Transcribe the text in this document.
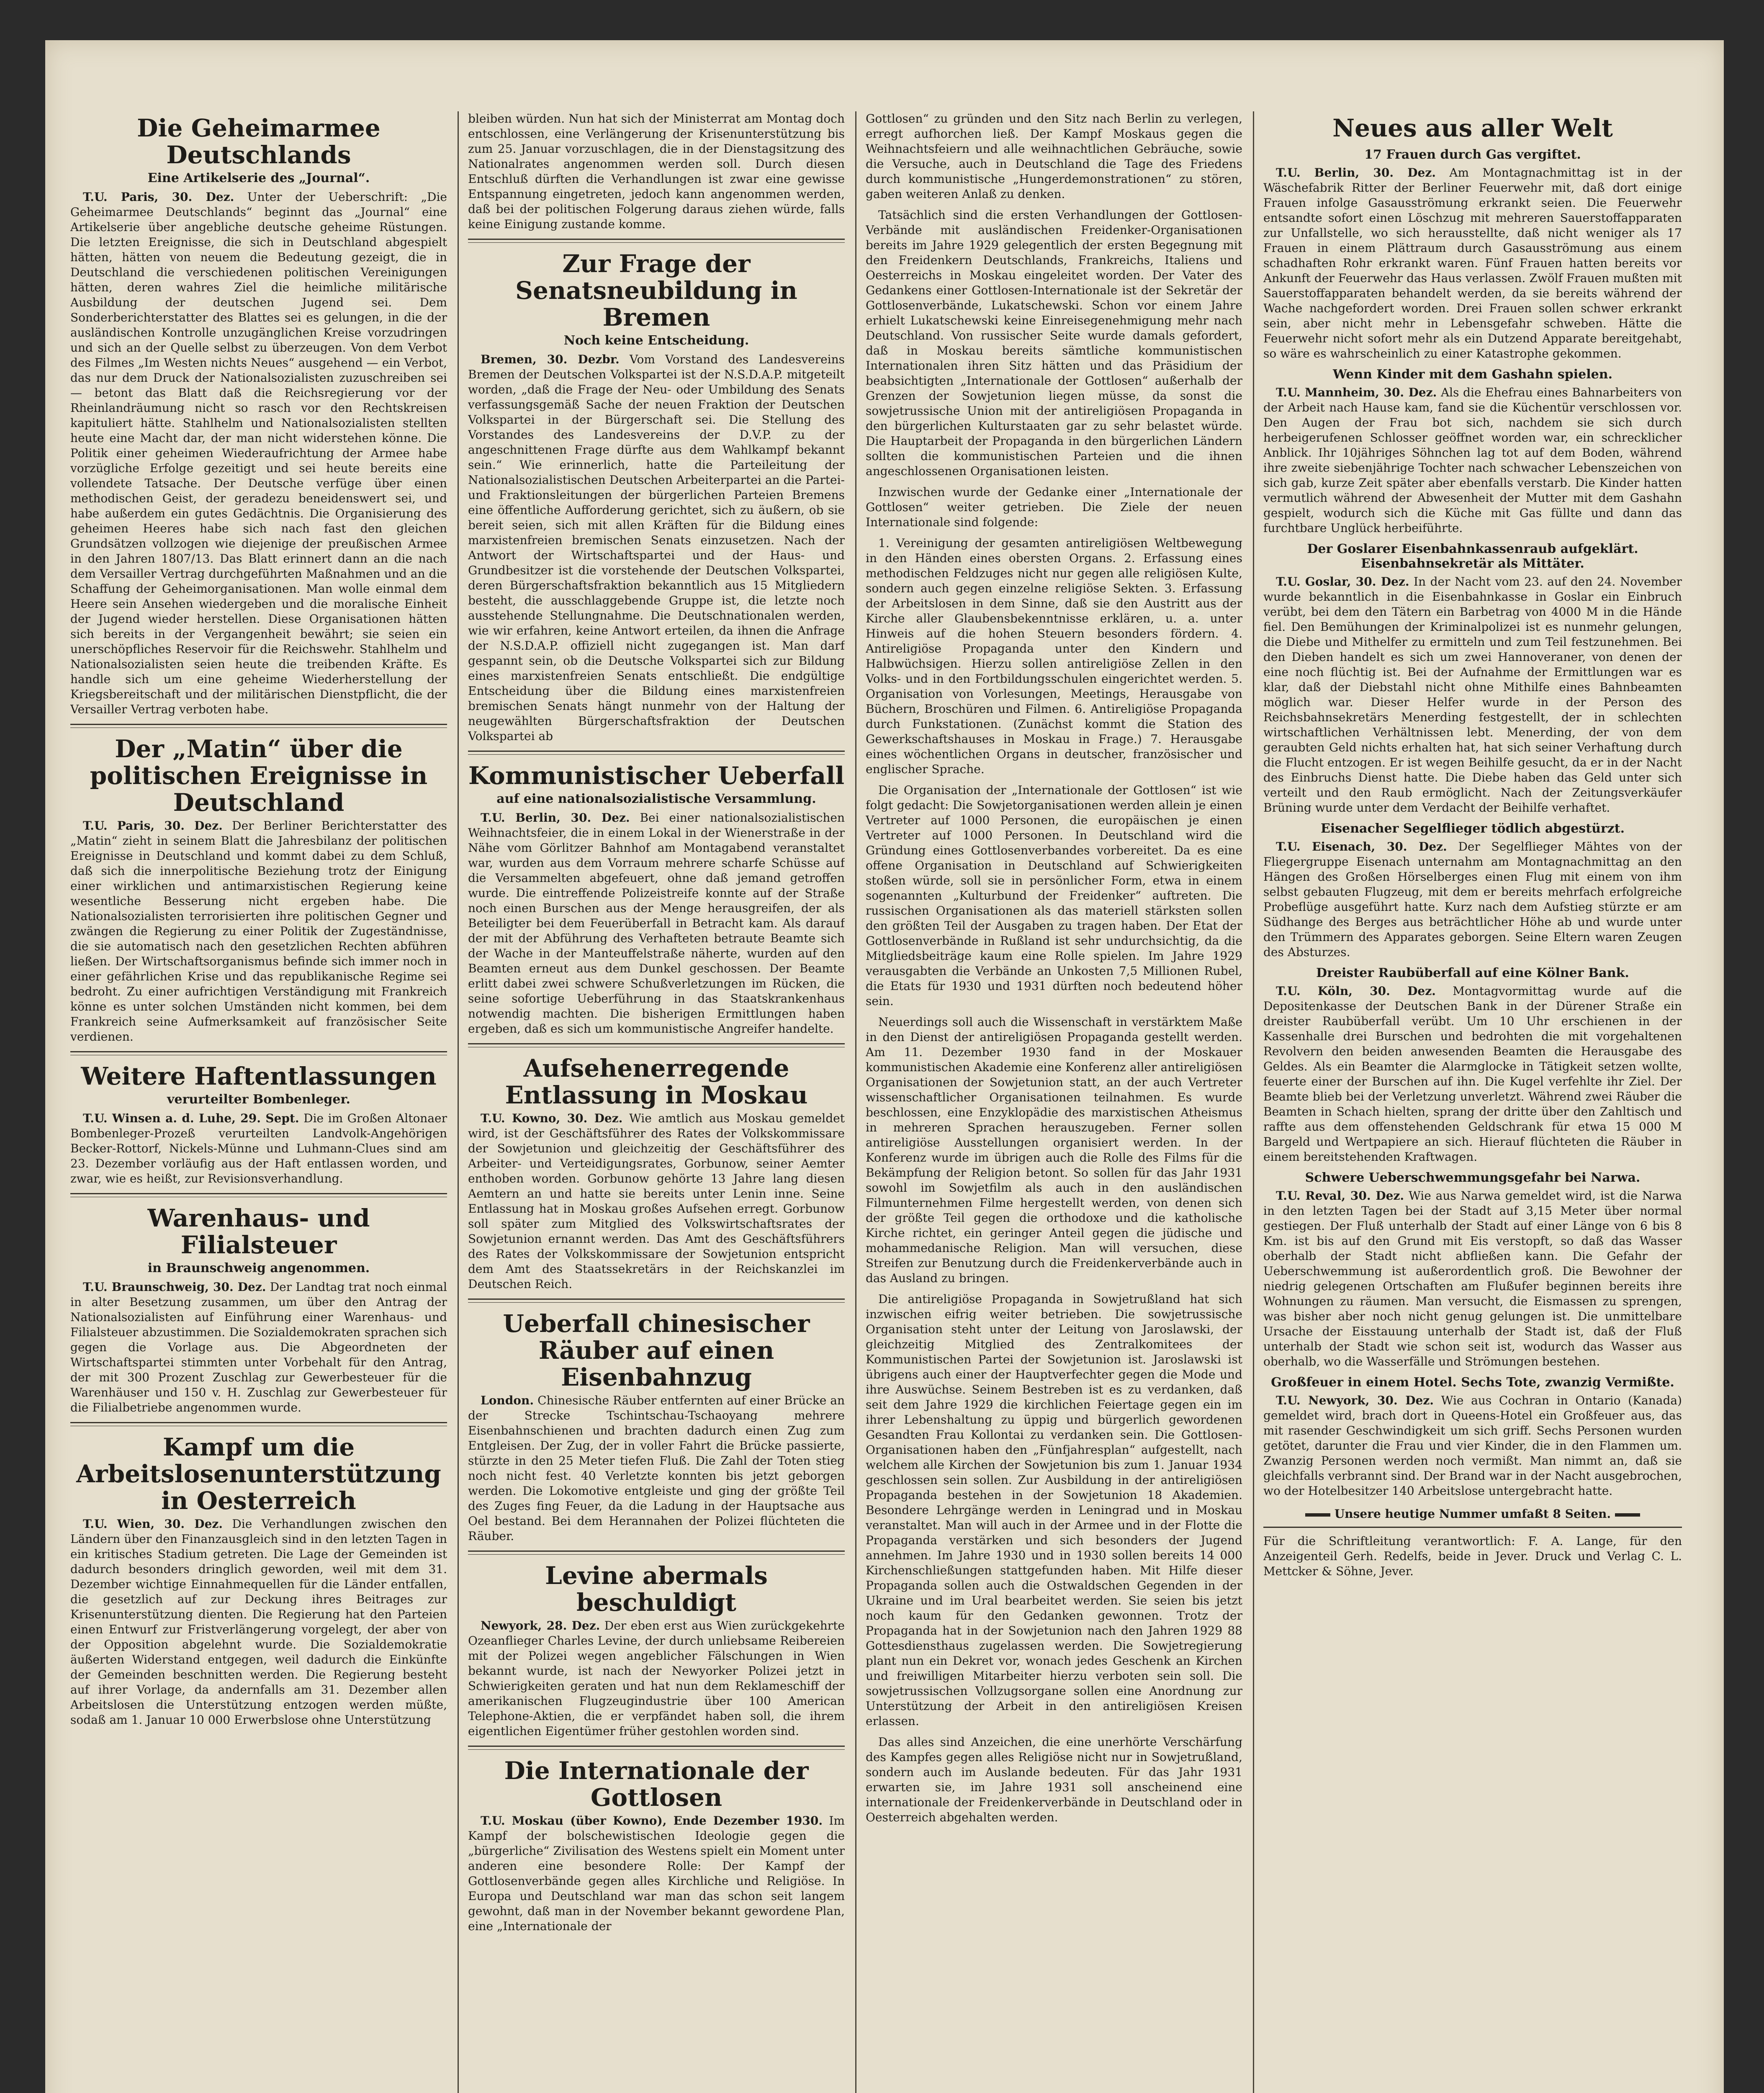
Die Geheimarmee Deutschlands
Eine Artikelserie des „Journal“.

T.U. Paris, 30. Dez. Unter der Ueberschrift: „Die Geheimarmee Deutschlands“ beginnt das „Journal“ eine Artikelserie über angebliche deutsche geheime Rüstungen. Die letzten Ereignisse, die sich in Deutschland abgespielt hätten, hätten von neuem die Bedeutung gezeigt, die in Deutschland die verschiedenen politischen Vereinigungen hätten, deren wahres Ziel die heimliche militärische Ausbildung der deutschen Jugend sei. Dem Sonderberichterstatter des Blattes sei es gelungen, in die der ausländischen Kontrolle unzugänglichen Kreise vorzudringen und sich an der Quelle selbst zu überzeugen. Von dem Verbot des Filmes „Im Westen nichts Neues“ ausgehend — ein Verbot, das nur dem Druck der Nationalsozialisten zuzuschreiben sei — betont das Blatt daß die Reichsregierung vor der Rheinlandräumung nicht so rasch vor den Rechtskreisen kapituliert hätte. Stahlhelm und Nationalsozialisten stellten heute eine Macht dar, der man nicht widerstehen könne. Die Politik einer geheimen Wiederaufrichtung der Armee habe vorzügliche Erfolge gezeitigt und sei heute bereits eine vollendete Tatsache. Der Deutsche verfüge über einen methodischen Geist, der geradezu beneidenswert sei, und habe außerdem ein gutes Gedächtnis. Die Organisierung des geheimen Heeres habe sich nach fast den gleichen Grundsätzen vollzogen wie diejenige der preußischen Armee in den Jahren 1807/13. Das Blatt erinnert dann an die nach dem Versailler Vertrag durchgeführten Maßnahmen und an die Schaffung der Geheimorganisationen. Man wolle einmal dem Heere sein Ansehen wiedergeben und die moralische Einheit der Jugend wieder herstellen. Diese Organisationen hätten sich bereits in der Vergangenheit bewährt; sie seien ein unerschöpfliches Reservoir für die Reichswehr. Stahlhelm und Nationalsozialisten seien heute die treibenden Kräfte. Es handle sich um eine geheime Wiederherstellung der Kriegsbereitschaft und der militärischen Dienstpflicht, die der Versailler Vertrag verboten habe.

Der „Matin“ über die politischen Ereignisse in Deutschland

T.U. Paris, 30. Dez. Der Berliner Berichterstatter des „Matin“ zieht in seinem Blatt die Jahresbilanz der politischen Ereignisse in Deutschland und kommt dabei zu dem Schluß, daß sich die innerpolitische Beziehung trotz der Einigung einer wirklichen und antimarxistischen Regierung keine wesentliche Besserung nicht ergeben habe. Die Nationalsozialisten terrorisierten ihre politischen Gegner und zwängen die Regierung zu einer Politik der Zugeständnisse, die sie automatisch nach den gesetzlichen Rechten abführen ließen. Der Wirtschaftsorganismus befinde sich immer noch in einer gefährlichen Krise und das republikanische Regime sei bedroht. Zu einer aufrichtigen Verständigung mit Frankreich könne es unter solchen Umständen nicht kommen, bei dem Frankreich seine Aufmerksamkeit auf französischer Seite verdienen.

Weitere Haftentlassungen
verurteilter Bombenleger.

T.U. Winsen a. d. Luhe, 29. Sept. Die im Großen Altonaer Bombenleger-Prozeß verurteilten Landvolk-Angehörigen Becker-Rottorf, Nickels-Münne und Luhmann-Clues sind am 23. Dezember vorläufig aus der Haft entlassen worden, und zwar, wie es heißt, zur Revisionsverhandlung.

Warenhaus- und Filialsteuer
in Braunschweig angenommen.

T.U. Braunschweig, 30. Dez. Der Landtag trat noch einmal in alter Besetzung zusammen, um über den Antrag der Nationalsozialisten auf Einführung einer Warenhaus- und Filialsteuer abzustimmen. Die Sozialdemokraten sprachen sich gegen die Vorlage aus. Die Abgeordneten der Wirtschaftspartei stimmten unter Vorbehalt für den Antrag, der mit 300 Prozent Zuschlag zur Gewerbesteuer für die Warenhäuser und 150 v. H. Zuschlag zur Gewerbesteuer für die Filialbetriebe angenommen wurde.

Kampf um die Arbeitslosenunterstützung in Oesterreich

T.U. Wien, 30. Dez. Die Verhandlungen zwischen den Ländern über den Finanzausgleich sind in den letzten Tagen in ein kritisches Stadium getreten. Die Lage der Gemeinden ist dadurch besonders dringlich geworden, weil mit dem 31. Dezember wichtige Einnahmequellen für die Länder entfallen, die gesetzlich auf zur Deckung ihres Beitrages zur Krisenunterstützung dienten. Die Regierung hat den Parteien einen Entwurf zur Fristverlängerung vorgelegt, der aber von der Opposition abgelehnt wurde. Die Sozialdemokratie äußerten Widerstand entgegen, weil dadurch die Einkünfte der Gemeinden beschnitten werden. Die Regierung besteht auf ihrer Vorlage, da andernfalls am 31. Dezember allen Arbeitslosen die Unterstützung entzogen werden müßte, sodaß am 1. Januar 10 000 Erwerbslose ohne Unterstützung

bleiben würden. Nun hat sich der Ministerrat am Montag doch entschlossen, eine Verlängerung der Krisenunterstützung bis zum 25. Januar vorzuschlagen, die in der Dienstagsitzung des Nationalrates angenommen werden soll. Durch diesen Entschluß dürften die Verhandlungen ist zwar eine gewisse Entspannung eingetreten, jedoch kann angenommen werden, daß bei der politischen Folgerung daraus ziehen würde, falls keine Einigung zustande komme.

Zur Frage der Senatsneubildung in Bremen
Noch keine Entscheidung.

Bremen, 30. Dezbr. Vom Vorstand des Landesvereins Bremen der Deutschen Volkspartei ist der N.S.D.A.P. mitgeteilt worden, „daß die Frage der Neu- oder Umbildung des Senats verfassungsgemäß Sache der neuen Fraktion der Deutschen Volkspartei in der Bürgerschaft sei. Die Stellung des Vorstandes des Landesvereins der D.V.P. zu der angeschnittenen Frage dürfte aus dem Wahlkampf bekannt sein.“ Wie erinnerlich, hatte die Parteileitung der Nationalsozialistischen Deutschen Arbeiterpartei an die Partei- und Fraktionsleitungen der bürgerlichen Parteien Bremens eine öffentliche Aufforderung gerichtet, sich zu äußern, ob sie bereit seien, sich mit allen Kräften für die Bildung eines marxistenfreien bremischen Senats einzusetzen. Nach der Antwort der Wirtschaftspartei und der Haus- und Grundbesitzer ist die vorstehende der Deutschen Volkspartei, deren Bürgerschaftsfraktion bekanntlich aus 15 Mitgliedern besteht, die ausschlaggebende Gruppe ist, die letzte noch ausstehende Stellungnahme. Die Deutschnationalen werden, wie wir erfahren, keine Antwort erteilen, da ihnen die Anfrage der N.S.D.A.P. offiziell nicht zugegangen ist. Man darf gespannt sein, ob die Deutsche Volkspartei sich zur Bildung eines marxistenfreien Senats entschließt. Die endgültige Entscheidung über die Bildung eines marxistenfreien bremischen Senats hängt nunmehr von der Haltung der neugewählten Bürgerschaftsfraktion der Deutschen Volkspartei ab

Kommunistischer Ueberfall
auf eine nationalsozialistische Versammlung.

T.U. Berlin, 30. Dez. Bei einer nationalsozialistischen Weihnachtsfeier, die in einem Lokal in der Wienerstraße in der Nähe vom Görlitzer Bahnhof am Montagabend veranstaltet war, wurden aus dem Vorraum mehrere scharfe Schüsse auf die Versammelten abgefeuert, ohne daß jemand getroffen wurde. Die eintreffende Polizeistreife konnte auf der Straße noch einen Burschen aus der Menge herausgreifen, der als Beteiligter bei dem Feuerüberfall in Betracht kam. Als darauf der mit der Abführung des Verhafteten betraute Beamte sich der Wache in der Manteuffelstraße näherte, wurden auf den Beamten erneut aus dem Dunkel geschossen. Der Beamte erlitt dabei zwei schwere Schußverletzungen im Rücken, die seine sofortige Ueberführung in das Staatskrankenhaus notwendig machten. Die bisherigen Ermittlungen haben ergeben, daß es sich um kommunistische Angreifer handelte.

Aufsehenerregende Entlassung in Moskau

T.U. Kowno, 30. Dez. Wie amtlich aus Moskau gemeldet wird, ist der Geschäftsführer des Rates der Volkskommissare der Sowjetunion und gleichzeitig der Geschäftsführer des Arbeiter- und Verteidigungsrates, Gorbunow, seiner Aemter enthoben worden. Gorbunow gehörte 13 Jahre lang diesen Aemtern an und hatte sie bereits unter Lenin inne. Seine Entlassung hat in Moskau großes Aufsehen erregt. Gorbunow soll später zum Mitglied des Volkswirtschaftsrates der Sowjetunion ernannt werden. Das Amt des Geschäftsführers des Rates der Volkskommissare der Sowjetunion entspricht dem Amt des Staatssekretärs in der Reichskanzlei im Deutschen Reich.

Ueberfall chinesischer Räuber auf einen Eisenbahnzug

London. Chinesische Räuber entfernten auf einer Brücke an der Strecke Tschintschau-Tschaoyang mehrere Eisenbahnschienen und brachten dadurch einen Zug zum Entgleisen. Der Zug, der in voller Fahrt die Brücke passierte, stürzte in den 25 Meter tiefen Fluß. Die Zahl der Toten stieg noch nicht fest. 40 Verletzte konnten bis jetzt geborgen werden. Die Lokomotive entgleiste und ging der größte Teil des Zuges fing Feuer, da die Ladung in der Hauptsache aus Oel bestand. Bei dem Herannahen der Polizei flüchteten die Räuber.

Levine abermals beschuldigt

Newyork, 28. Dez. Der eben erst aus Wien zurückgekehrte Ozeanflieger Charles Levine, der durch unliebsame Reibereien mit der Polizei wegen angeblicher Fälschungen in Wien bekannt wurde, ist nach der Newyorker Polizei jetzt in Schwierigkeiten geraten und hat nun dem Reklameschiff der amerikanischen Flugzeugindustrie über 100 American Telephone-Aktien, die er verpfändet haben soll, die ihrem eigentlichen Eigentümer früher gestohlen worden sind.

Die Internationale der Gottlosen

T.U. Moskau (über Kowno), Ende Dezember 1930. Im Kampf der bolschewistischen Ideologie gegen die „bürgerliche“ Zivilisation des Westens spielt ein Moment unter anderen eine besondere Rolle: Der Kampf der Gottlosenverbände gegen alles Kirchliche und Religiöse. In Europa und Deutschland war man das schon seit langem gewohnt, daß man in der November bekannt gewordene Plan, eine „Internationale der

Gottlosen“ zu gründen und den Sitz nach Berlin zu verlegen, erregt aufhorchen ließ. Der Kampf Moskaus gegen die Weihnachtsfeiern und alle weihnachtlichen Gebräuche, sowie die Versuche, auch in Deutschland die Tage des Friedens durch kommunistische „Hungerdemonstrationen“ zu stören, gaben weiteren Anlaß zu denken.

Tatsächlich sind die ersten Verhandlungen der Gottlosen-Verbände mit ausländischen Freidenker-Organisationen bereits im Jahre 1929 gelegentlich der ersten Begegnung mit den Freidenkern Deutschlands, Frankreichs, Italiens und Oesterreichs in Moskau eingeleitet worden. Der Vater des Gedankens einer Gottlosen-Internationale ist der Sekretär der Gottlosenverbände, Lukatschewski. Schon vor einem Jahre erhielt Lukatschewski keine Einreisegenehmigung mehr nach Deutschland. Von russischer Seite wurde damals gefordert, daß in Moskau bereits sämtliche kommunistischen Internationalen ihren Sitz hätten und das Präsidium der beabsichtigten „Internationale der Gottlosen“ außerhalb der Grenzen der Sowjetunion liegen müsse, da sonst die sowjetrussische Union mit der antireligiösen Propaganda in den bürgerlichen Kulturstaaten gar zu sehr belastet würde. Die Hauptarbeit der Propaganda in den bürgerlichen Ländern sollten die kommunistischen Parteien und die ihnen angeschlossenen Organisationen leisten.

Inzwischen wurde der Gedanke einer „Internationale der Gottlosen“ weiter getrieben. Die Ziele der neuen Internationale sind folgende:

1. Vereinigung der gesamten antireligiösen Weltbewegung in den Händen eines obersten Organs. 2. Erfassung eines methodischen Feldzuges nicht nur gegen alle religiösen Kulte, sondern auch gegen einzelne religiöse Sekten. 3. Erfassung der Arbeitslosen in dem Sinne, daß sie den Austritt aus der Kirche aller Glaubensbekenntnisse erklären, u. a. unter Hinweis auf die hohen Steuern besonders fördern. 4. Antireligiöse Propaganda unter den Kindern und Halbwüchsigen. Hierzu sollen antireligiöse Zellen in den Volks- und in den Fortbildungsschulen eingerichtet werden. 5. Organisation von Vorlesungen, Meetings, Herausgabe von Büchern, Broschüren und Filmen. 6. Antireligiöse Propaganda durch Funkstationen. (Zunächst kommt die Station des Gewerkschaftshauses in Moskau in Frage.) 7. Herausgabe eines wöchentlichen Organs in deutscher, französischer und englischer Sprache.

Die Organisation der „Internationale der Gottlosen“ ist wie folgt gedacht: Die Sowjetorganisationen werden allein je einen Vertreter auf 1000 Personen, die europäischen je einen Vertreter auf 1000 Personen. In Deutschland wird die Gründung eines Gottlosenverbandes vorbereitet. Da es eine offene Organisation in Deutschland auf Schwierigkeiten stoßen würde, soll sie in persönlicher Form, etwa in einem sogenannten „Kulturbund der Freidenker“ auftreten. Die russischen Organisationen als das materiell stärksten sollen den größten Teil der Ausgaben zu tragen haben. Der Etat der Gottlosenverbände in Rußland ist sehr undurchsichtig, da die Mitgliedsbeiträge kaum eine Rolle spielen. Im Jahre 1929 verausgabten die Verbände an Unkosten 7,5 Millionen Rubel, die Etats für 1930 und 1931 dürften noch bedeutend höher sein.

Neuerdings soll auch die Wissenschaft in verstärktem Maße in den Dienst der antireligiösen Propaganda gestellt werden. Am 11. Dezember 1930 fand in der Moskauer kommunistischen Akademie eine Konferenz aller antireligiösen Organisationen der Sowjetunion statt, an der auch Vertreter wissenschaftlicher Organisationen teilnahmen. Es wurde beschlossen, eine Enzyklopädie des marxistischen Atheismus in mehreren Sprachen herauszugeben. Ferner sollen antireligiöse Ausstellungen organisiert werden. In der Konferenz wurde im übrigen auch die Rolle des Films für die Bekämpfung der Religion betont. So sollen für das Jahr 1931 sowohl im Sowjetfilm als auch in den ausländischen Filmunternehmen Filme hergestellt werden, von denen sich der größte Teil gegen die orthodoxe und die katholische Kirche richtet, ein geringer Anteil gegen die jüdische und mohammedanische Religion. Man will versuchen, diese Streifen zur Benutzung durch die Freidenkerverbände auch in das Ausland zu bringen.

Die antireligiöse Propaganda in Sowjetrußland hat sich inzwischen eifrig weiter betrieben. Die sowjetrussische Organisation steht unter der Leitung von Jaroslawski, der gleichzeitig Mitglied des Zentralkomitees der Kommunistischen Partei der Sowjetunion ist. Jaroslawski ist übrigens auch einer der Hauptverfechter gegen die Mode und ihre Auswüchse. Seinem Bestreben ist es zu verdanken, daß seit dem Jahre 1929 die kirchlichen Feiertage gegen ein im ihrer Lebenshaltung zu üppig und bürgerlich gewordenen Gesandten Frau Kollontai zu verdanken sein. Die Gottlosen-Organisationen haben den „Fünfjahresplan“ aufgestellt, nach welchem alle Kirchen der Sowjetunion bis zum 1. Januar 1934 geschlossen sein sollen. Zur Ausbildung in der antireligiösen Propaganda bestehen in der Sowjetunion 18 Akademien. Besondere Lehrgänge werden in Leningrad und in Moskau veranstaltet. Man will auch in der Armee und in der Flotte die Propaganda verstärken und sich besonders der Jugend annehmen. Im Jahre 1930 und in 1930 sollen bereits 14 000 Kirchenschließungen stattgefunden haben. Mit Hilfe dieser Propaganda sollen auch die Ostwaldschen Gegenden in der Ukraine und im Ural bearbeitet werden. Sie seien bis jetzt noch kaum für den Gedanken gewonnen. Trotz der Propaganda hat in der Sowjetunion nach den Jahren 1929 88 Gottesdiensthaus zugelassen werden. Die Sowjetregierung plant nun ein Dekret vor, wonach jedes Geschenk an Kirchen und freiwilligen Mitarbeiter hierzu verboten sein soll. Die sowjetrussischen Vollzugsorgane sollen eine Anordnung zur Unterstützung der Arbeit in den antireligiösen Kreisen erlassen.

Das alles sind Anzeichen, die eine unerhörte Verschärfung des Kampfes gegen alles Religiöse nicht nur in Sowjetrußland, sondern auch im Auslande bedeuten. Für das Jahr 1931 erwarten sie, im Jahre 1931 soll anscheinend eine internationale der Freidenkerverbände in Deutschland oder in Oesterreich abgehalten werden.

Neues aus aller Welt
17 Frauen durch Gas vergiftet.

T.U. Berlin, 30. Dez. Am Montagnachmittag ist in der Wäschefabrik Ritter der Berliner Feuerwehr mit, daß dort einige Frauen infolge Gasausströmung erkrankt seien. Die Feuerwehr entsandte sofort einen Löschzug mit mehreren Sauerstoffapparaten zur Unfallstelle, wo sich herausstellte, daß nicht weniger als 17 Frauen in einem Plättraum durch Gasausströmung aus einem schadhaften Rohr erkrankt waren. Fünf Frauen hatten bereits vor Ankunft der Feuerwehr das Haus verlassen. Zwölf Frauen mußten mit Sauerstoffapparaten behandelt werden, da sie bereits während der Wache nachgefordert worden. Drei Frauen sollen schwer erkrankt sein, aber nicht mehr in Lebensgefahr schweben. Hätte die Feuerwehr nicht sofort mehr als ein Dutzend Apparate bereitgehabt, so wäre es wahrscheinlich zu einer Katastrophe gekommen.

Wenn Kinder mit dem Gashahn spielen.

T.U. Mannheim, 30. Dez. Als die Ehefrau eines Bahnarbeiters von der Arbeit nach Hause kam, fand sie die Küchentür verschlossen vor. Den Augen der Frau bot sich, nachdem sie sich durch herbeigerufenen Schlosser geöffnet worden war, ein schrecklicher Anblick. Ihr 10jähriges Söhnchen lag tot auf dem Boden, während ihre zweite siebenjährige Tochter nach schwacher Lebenszeichen von sich gab, kurze Zeit später aber ebenfalls verstarb. Die Kinder hatten vermutlich während der Abwesenheit der Mutter mit dem Gashahn gespielt, wodurch sich die Küche mit Gas füllte und dann das furchtbare Unglück herbeiführte.

Der Goslarer Eisenbahnkassenraub aufgeklärt. Eisenbahnsekretär als Mittäter.

T.U. Goslar, 30. Dez. In der Nacht vom 23. auf den 24. November wurde bekanntlich in die Eisenbahnkasse in Goslar ein Einbruch verübt, bei dem den Tätern ein Barbetrag von 4000 M in die Hände fiel. Den Bemühungen der Kriminalpolizei ist es nunmehr gelungen, die Diebe und Mithelfer zu ermitteln und zum Teil festzunehmen. Bei den Dieben handelt es sich um zwei Hannoveraner, von denen der eine noch flüchtig ist. Bei der Aufnahme der Ermittlungen war es klar, daß der Diebstahl nicht ohne Mithilfe eines Bahnbeamten möglich war. Dieser Helfer wurde in der Person des Reichsbahnsekretärs Menerding festgestellt, der in schlechten wirtschaftlichen Verhältnissen lebt. Menerding, der von dem geraubten Geld nichts erhalten hat, hat sich seiner Verhaftung durch die Flucht entzogen. Er ist wegen Beihilfe gesucht, da er in der Nacht des Einbruchs Dienst hatte. Die Diebe haben das Geld unter sich verteilt und den Raub ermöglicht. Nach der Zeitungsverkäufer Brüning wurde unter dem Verdacht der Beihilfe verhaftet.

Eisenacher Segelflieger tödlich abgestürzt.

T.U. Eisenach, 30. Dez. Der Segelflieger Mähtes von der Fliegergruppe Eisenach unternahm am Montagnachmittag an den Hängen des Großen Hörselberges einen Flug mit einem von ihm selbst gebauten Flugzeug, mit dem er bereits mehrfach erfolgreiche Probeflüge ausgeführt hatte. Kurz nach dem Aufstieg stürzte er am Südhange des Berges aus beträchtlicher Höhe ab und wurde unter den Trümmern des Apparates geborgen. Seine Eltern waren Zeugen des Absturzes.

Dreister Raubüberfall auf eine Kölner Bank.

T.U. Köln, 30. Dez. Montagvormittag wurde auf die Depositenkasse der Deutschen Bank in der Dürener Straße ein dreister Raubüberfall verübt. Um 10 Uhr erschienen in der Kassenhalle drei Burschen und bedrohten die mit vorgehaltenen Revolvern den beiden anwesenden Beamten die Herausgabe des Geldes. Als ein Beamter die Alarmglocke in Tätigkeit setzen wollte, feuerte einer der Burschen auf ihn. Die Kugel verfehlte ihr Ziel. Der Beamte blieb bei der Verletzung unverletzt. Während zwei Räuber die Beamten in Schach hielten, sprang der dritte über den Zahltisch und raffte aus dem offenstehenden Geldschrank für etwa 15 000 M Bargeld und Wertpapiere an sich. Hierauf flüchteten die Räuber in einem bereitstehenden Kraftwagen.

Schwere Ueberschwemmungsgefahr bei Narwa.

T.U. Reval, 30. Dez. Wie aus Narwa gemeldet wird, ist die Narwa in den letzten Tagen bei der Stadt auf 3,15 Meter über normal gestiegen. Der Fluß unterhalb der Stadt auf einer Länge von 6 bis 8 Km. ist bis auf den Grund mit Eis verstopft, so daß das Wasser oberhalb der Stadt nicht abfließen kann. Die Gefahr der Ueberschwemmung ist außerordentlich groß. Die Bewohner der niedrig gelegenen Ortschaften am Flußufer beginnen bereits ihre Wohnungen zu räumen. Man versucht, die Eismassen zu sprengen, was bisher aber noch nicht genug gelungen ist. Die unmittelbare Ursache der Eisstauung unterhalb der Stadt ist, daß der Fluß unterhalb der Stadt wie schon seit ist, wodurch das Wasser aus oberhalb, wo die Wasserfälle und Strömungen bestehen.

Großfeuer in einem Hotel. Sechs Tote, zwanzig Vermißte.

T.U. Newyork, 30. Dez. Wie aus Cochran in Ontario (Kanada) gemeldet wird, brach dort in Queens-Hotel ein Großfeuer aus, das mit rasender Geschwindigkeit um sich griff. Sechs Personen wurden getötet, darunter die Frau und vier Kinder, die in den Flammen um. Zwanzig Personen werden noch vermißt. Man nimmt an, daß sie gleichfalls verbrannt sind. Der Brand war in der Nacht ausgebrochen, wo der Hotelbesitzer 140 Arbeitslose untergebracht hatte.

Unsere heutige Nummer umfaßt 8 Seiten.
Für die Schriftleitung verantwortlich: F. A. Lange, für den Anzeigenteil Gerh. Redelfs, beide in Jever. Druck und Verlag C. L. Mettcker & Söhne, Jever.
